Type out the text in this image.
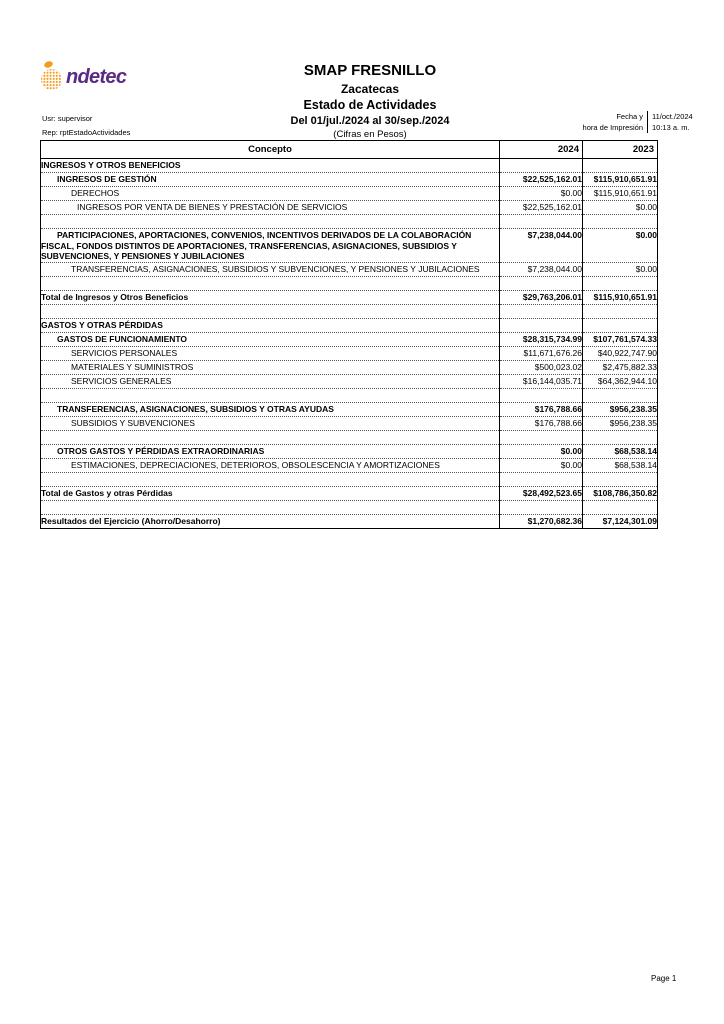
ndetec	SMAP FRESNILLO
Zacatecas
Estado de Actividades
Del 01/jul./2024 al 30/sep./2024
(Cifras en Pesos)
Usr: supervisor
Rep: rptEstadoActividades
Fecha y
hora de Impresión
11/oct./2024
10:13 a. m.
Concepto	2024	2023
INGRESOS Y OTROS BENEFICIOS		
INGRESOS DE GESTIÓN	$22,525,162.01	$115,910,651.91
DERECHOS	$0.00	$115,910,651.91
INGRESOS POR VENTA DE BIENES Y PRESTACIÓN DE SERVICIOS	$22,525,162.01	$0.00

PARTICIPACIONES, APORTACIONES, CONVENIOS, INCENTIVOS DERIVADOS DE LA COLABORACIÓN FISCAL, FONDOS DISTINTOS DE APORTACIONES, TRANSFERENCIAS, ASIGNACIONES, SUBSIDIOS Y SUBVENCIONES, Y PENSIONES Y JUBILACIONES	$7,238,044.00	$0.00
TRANSFERENCIAS, ASIGNACIONES, SUBSIDIOS Y SUBVENCIONES, Y PENSIONES Y JUBILACIONES	$7,238,044.00	$0.00

Total de Ingresos y Otros Beneficios	$29,763,206.01	$115,910,651.91

GASTOS Y OTRAS PÉRDIDAS		
GASTOS DE FUNCIONAMIENTO	$28,315,734.99	$107,761,574.33
SERVICIOS PERSONALES	$11,671,676.26	$40,922,747.90
MATERIALES Y SUMINISTROS	$500,023.02	$2,475,882.33
SERVICIOS GENERALES	$16,144,035.71	$64,362,944.10

TRANSFERENCIAS, ASIGNACIONES, SUBSIDIOS Y OTRAS AYUDAS	$176,788.66	$956,238.35
SUBSIDIOS Y SUBVENCIONES	$176,788.66	$956,238.35

OTROS GASTOS Y PÉRDIDAS EXTRAORDINARIAS	$0.00	$68,538.14
ESTIMACIONES, DEPRECIACIONES, DETERIOROS, OBSOLESCENCIA Y AMORTIZACIONES	$0.00	$68,538.14

Total de Gastos y otras Pérdidas	$28,492,523.65	$108,786,350.82

Resultados del Ejercicio (Ahorro/Desahorro)	$1,270,682.36	$7,124,301.09
Page 1
